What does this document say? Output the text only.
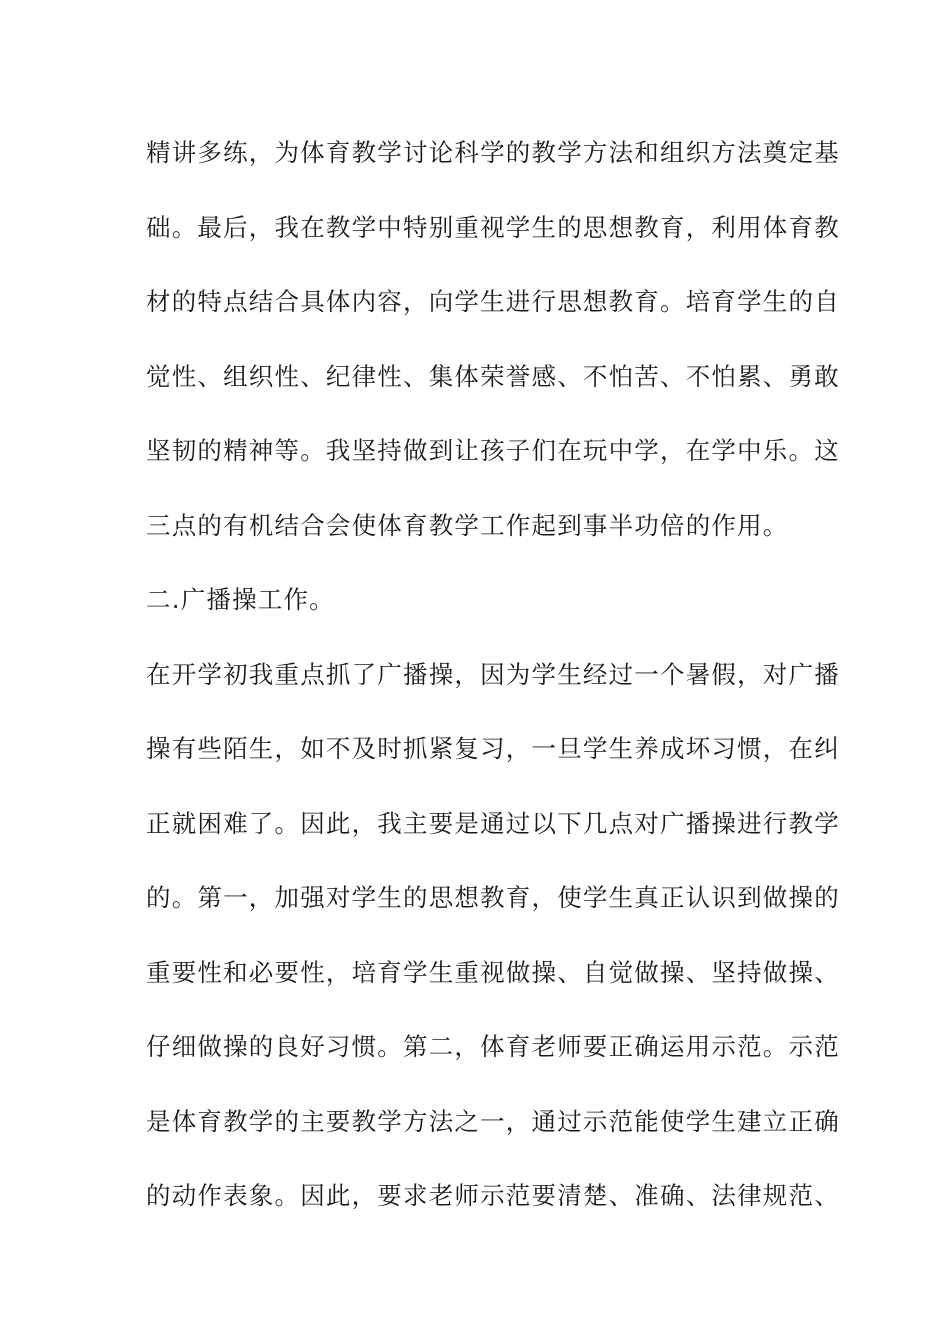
精讲多练，为体育教学讨论科学的教学方法和组织方法奠定基
础。最后，我在教学中特别重视学生的思想教育，利用体育教
材的特点结合具体内容，向学生进行思想教育。培育学生的自
觉性、组织性、纪律性、集体荣誉感、不怕苦、不怕累、勇敢
坚韧的精神等。我坚持做到让孩子们在玩中学，在学中乐。这
三点的有机结合会使体育教学工作起到事半功倍的作用。
二.广播操工作。
在开学初我重点抓了广播操，因为学生经过一个暑假，对广播
操有些陌生，如不及时抓紧复习，一旦学生养成坏习惯，在纠
正就困难了。因此，我主要是通过以下几点对广播操进行教学
的。第一，加强对学生的思想教育，使学生真正认识到做操的
重要性和必要性，培育学生重视做操、自觉做操、坚持做操、
仔细做操的良好习惯。第二，体育老师要正确运用示范。示范
是体育教学的主要教学方法之一，通过示范能使学生建立正确
的动作表象。因此，要求老师示范要清楚、准确、法律规范、
